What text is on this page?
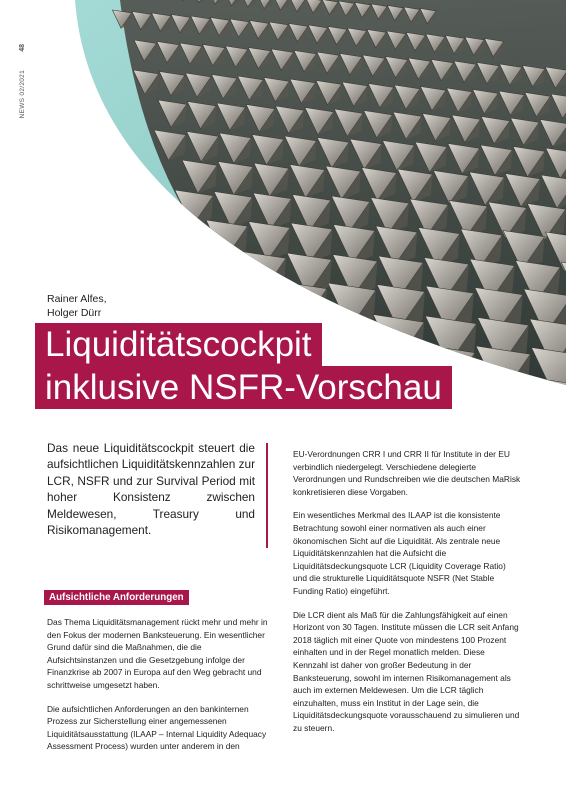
48
NEWS 02/2021
Rainer Alfes,
Holger Dürr
Liquiditätscockpit
inklusive NSFR-Vorschau
Das neue Liquiditätscockpit steuert die aufsichtlichen Liquiditätskennzahlen zur LCR, NSFR und zur Survival Period mit hoher Konsistenz zwischen Meldewesen, Treasury und Risikomanagement.
Aufsichtliche Anforderungen

Das Thema Liquiditätsmanagement rückt mehr und mehr in den Fokus der modernen Banksteuerung. Ein wesentlicher Grund dafür sind die Maßnahmen, die die Aufsichtsinstanzen und die Gesetzgebung infolge der Finanzkrise ab 2007 in Europa auf den Weg gebracht und schrittweise umgesetzt haben.

Die aufsichtlichen Anforderungen an den bankinternen Prozess zur Sicherstellung einer angemessenen Liquiditätsausstattung (ILAAP – Internal Liquidity Adequacy Assessment Process) wurden unter anderem in den

EU-Verordnungen CRR I und CRR II für Institute in der EU verbindlich niedergelegt. Verschiedene delegierte Verordnungen und Rundschreiben wie die deutschen MaRisk konkretisieren diese Vorgaben.

Ein wesentliches Merkmal des ILAAP ist die konsistente Betrachtung sowohl einer normativen als auch einer ökonomischen Sicht auf die Liquidität. Als zentrale neue Liquiditätskennzahlen hat die Aufsicht die Liquiditätsdeckungsquote LCR (Liquidity Coverage Ratio) und die strukturelle Liquiditätsquote NSFR (Net Stable Funding Ratio) eingeführt.

Die LCR dient als Maß für die Zahlungsfähigkeit auf einen Horizont von 30 Tagen. Institute müssen die LCR seit Anfang 2018 täglich mit einer Quote von mindestens 100 Prozent einhalten und in der Regel monatlich melden. Diese Kennzahl ist daher von großer Bedeutung in der Banksteuerung, sowohl im internen Risikomanagement als auch im externen Meldewesen. Um die LCR täglich einzuhalten, muss ein Institut in der Lage sein, die Liquiditätsdeckungsquote vorausschauend zu simulieren und zu steuern.
